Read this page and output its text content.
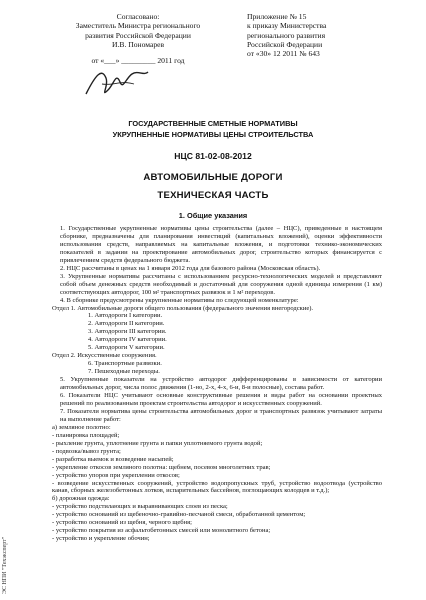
ЭС НПИ "Техэксперт"
Согласовано:
Заместитель Министра регионального
развития Российской Федерации
И.В. Пономарев
от «___» _________ 2011 год
Приложение № 15
к приказу Министерства
регионального развития
Российской Федерации
от «30» 12 2011 № 643
ГОСУДАРСТВЕННЫЕ СМЕТНЫЕ НОРМАТИВЫ
УКРУПНЕННЫЕ НОРМАТИВЫ ЦЕНЫ СТРОИТЕЛЬСТВА
НЦС 81-02-08-2012
АВТОМОБИЛЬНЫЕ ДОРОГИ
ТЕХНИЧЕСКАЯ ЧАСТЬ
1. Общие указания

1. Государственные укрупненные нормативы цены строительства (далее – НЦС), приведенные в настоящем сборнике, предназначены для планирования инвестиций (капитальных вложений), оценки эффективности использования средств, направляемых на капитальные вложения, и подготовки технико-экономических показателей в задании на проектирование автомобильных дорог, строительство которых финансируется с привлечением средств федерального бюджета.

2. НЦС рассчитаны в ценах на 1 января 2012 года для базового района (Московская область).

3. Укрупненные нормативы рассчитаны с использованием ресурсно-технологических моделей и представляют собой объем денежных средств необходимый и достаточный для сооружения одной единицы измерения (1 км) соответствующих автодорог, 100 м² транспортных развязок и 1 м² переходов.

4. В сборнике предусмотрены укрупненные нормативы по следующей номенклатуре:

Отдел 1. Автомобильные дороги общего пользования (федерального значения внегородские).

1. Автодороги I категории.

2. Автодороги II категории.

3. Автодороги III категории.

4. Автодороги IV категории.

5. Автодороги V категории.

Отдел 2. Искусственные сооружения.

6. Транспортные развязки.

7. Пешеходные переходы.

5. Укрупненные показатели на устройство автодорог дифференцированы в зависимости от категории автомобильных дорог, числа полос движения (1-но, 2-х, 4-х, 6-и, 8-и полосные), состава работ.

6. Показатели НЦС учитывают основные конструктивные решения и виды работ на основании проектных решений по реализованным проектам строительства автодорог и искусственных сооружений.

7. Показатели норматива цены строительства автомобильных дорог и транспортных развязок учитывают затраты на выполнение работ:

а) земляное полотно:

- планировка площадей;

- рыхление грунта, уплотнение грунта и папки уплотняемого грунта водой;

- подвозка/вывоз грунта;

- разработка выемок и возведение насыпей;

- укрепление откосов земляного полотна: щебнем, посевом многолетних трав;

- устройство упоров при укреплении откосов;

- возведение искусственных сооружений, устройство водопропускных труб, устройство водоотвода (устройство канав, сборных железобетонных лотков, испарительных бассейнов, поглощающих колодцев и т.д.);

б) дорожная одежда:

- устройство подстилающих и выравнивающих слоев из песка;

- устройство оснований из щебеночно-гравийно-песчаной смеси, обработанной цементом;

- устройство оснований из щебня, черного щебня;

- устройство покрытия из асфальтобетонных смесей или монолитного бетона;

- устройство и укрепление обочин;
